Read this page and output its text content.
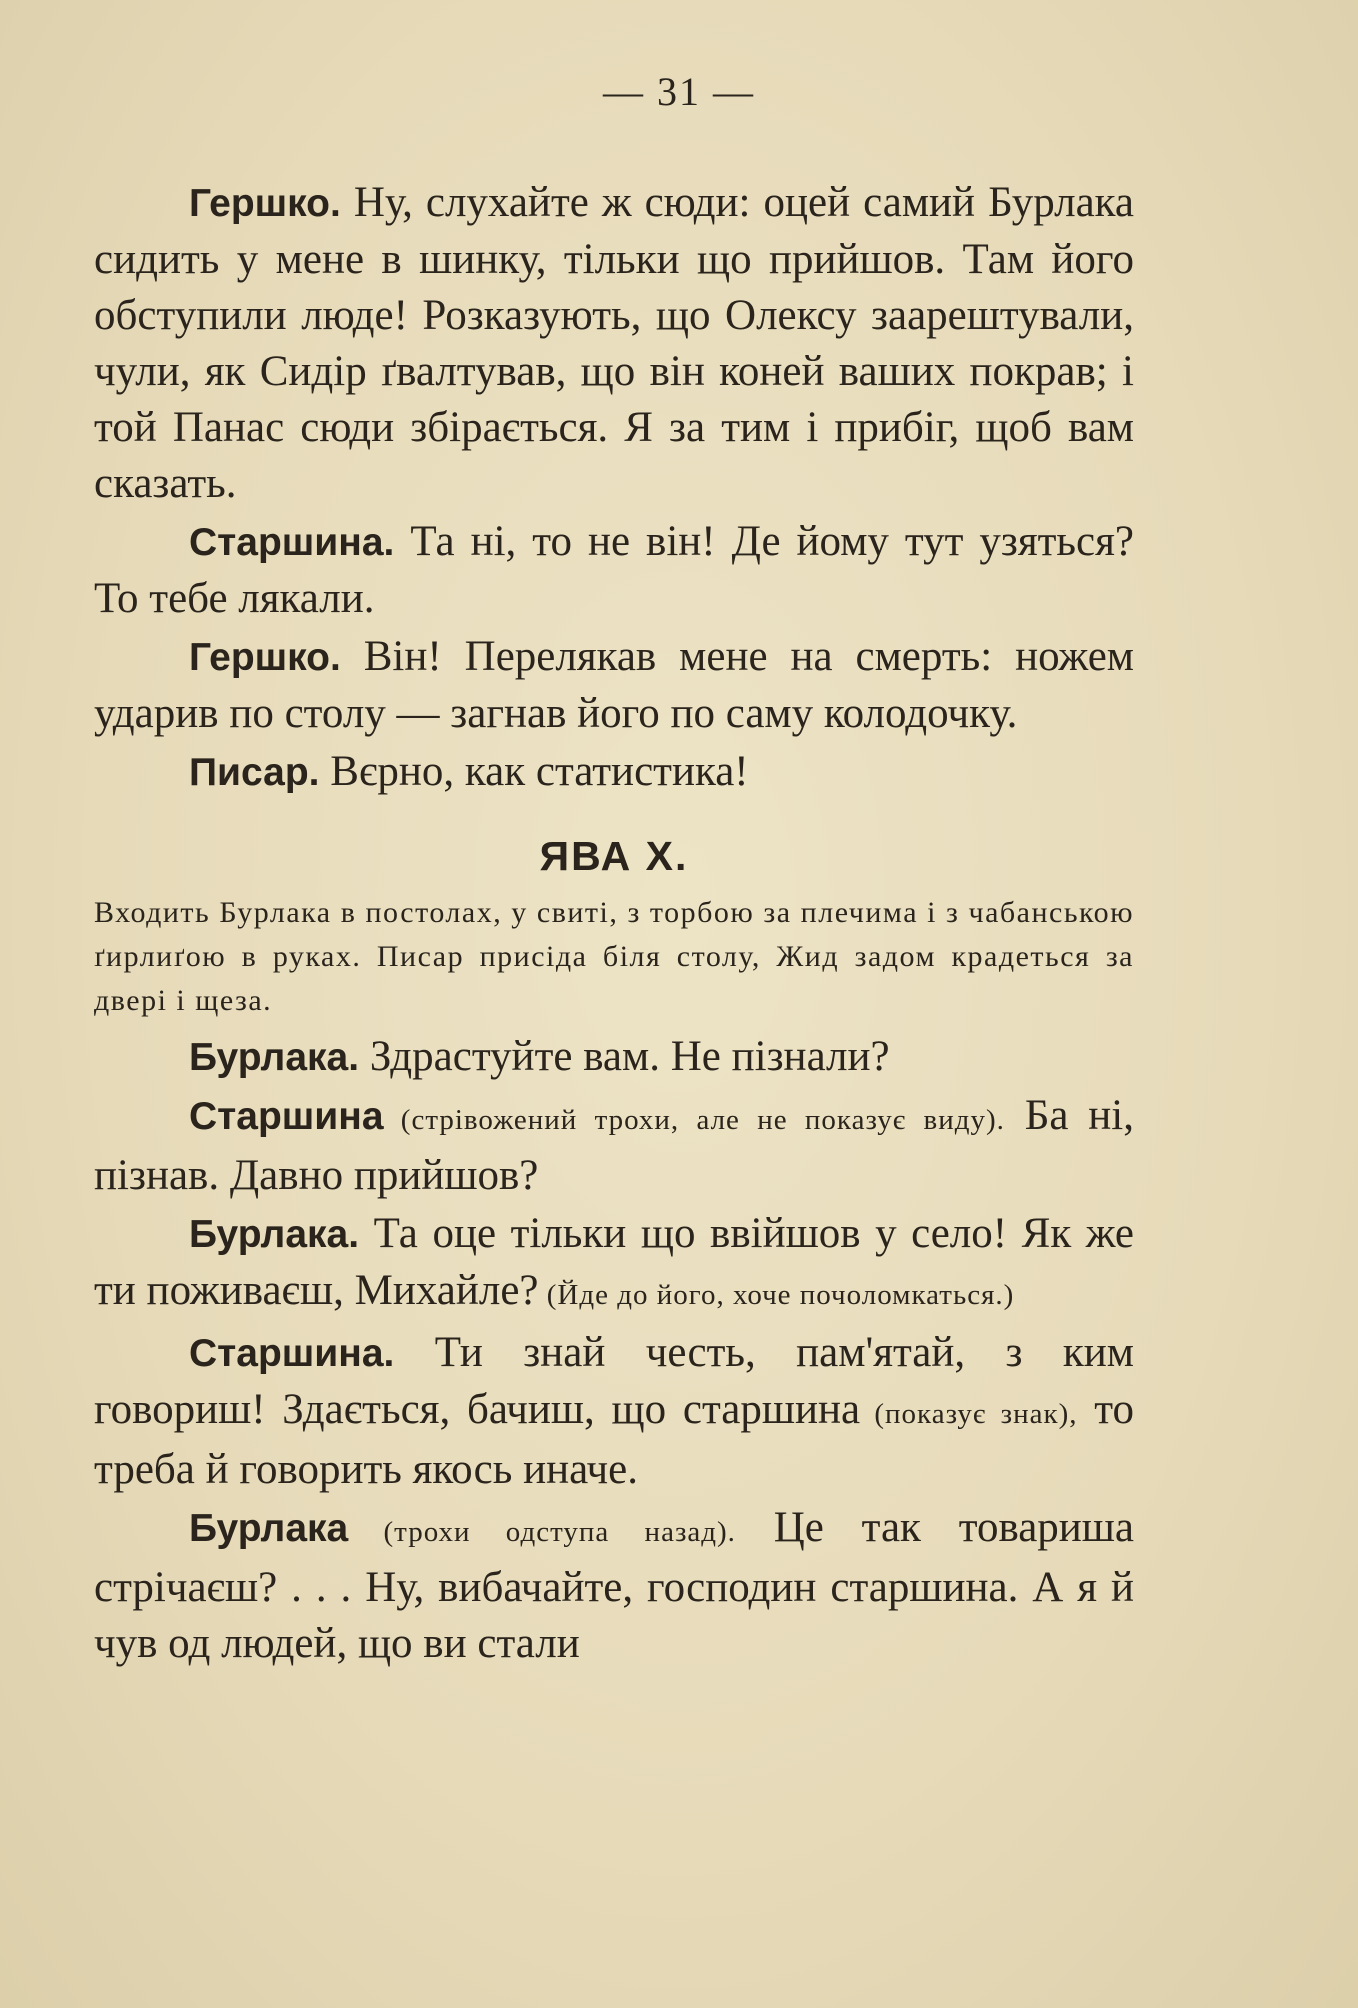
— 31 —

Гершко. Ну, слухайте ж сюди: оцей самий Бурлака сидить у мене в шинку, тільки що прийшов. Там його обступили люде! Розказують, що Олексу заарештували, чули, як Сидір ґвалтував, що він коней ваших покрав; і той Панас сюди збірається. Я за тим і прибіг, щоб вам сказать.

Старшина. Та ні, то не він! Де йому тут узяться? То тебе лякали.

Гершко. Він! Перелякав мене на смерть: ножем ударив по столу — загнав його по саму колодочку.

Писар. Вєрно, как статистика!

ЯВА X.

Входить Бурлака в постолах, у свиті, з торбою за плечима і з чабанською ґирлиґою в руках. Писар присіда біля столу, Жид задом крадеться за двері і щеза.

Бурлака. Здрастуйте вам. Не пізнали?

Старшина (стрівожений трохи, але не показує виду). Ба ні, пізнав. Давно прийшов?

Бурлака. Та оце тільки що ввійшов у село! Як же ти поживаєш, Михайле? (Йде до його, хоче почоломкаться.)

Старшина. Ти знай честь, пам'ятай, з ким говориш! Здається, бачиш, що старшина (показує знак), то треба й говорить якось иначе.

Бурлака (трохи одступа назад). Це так товариша стрічаєш? . . . Ну, вибачайте, господин старшина. А я й чув од людей, що ви стали
